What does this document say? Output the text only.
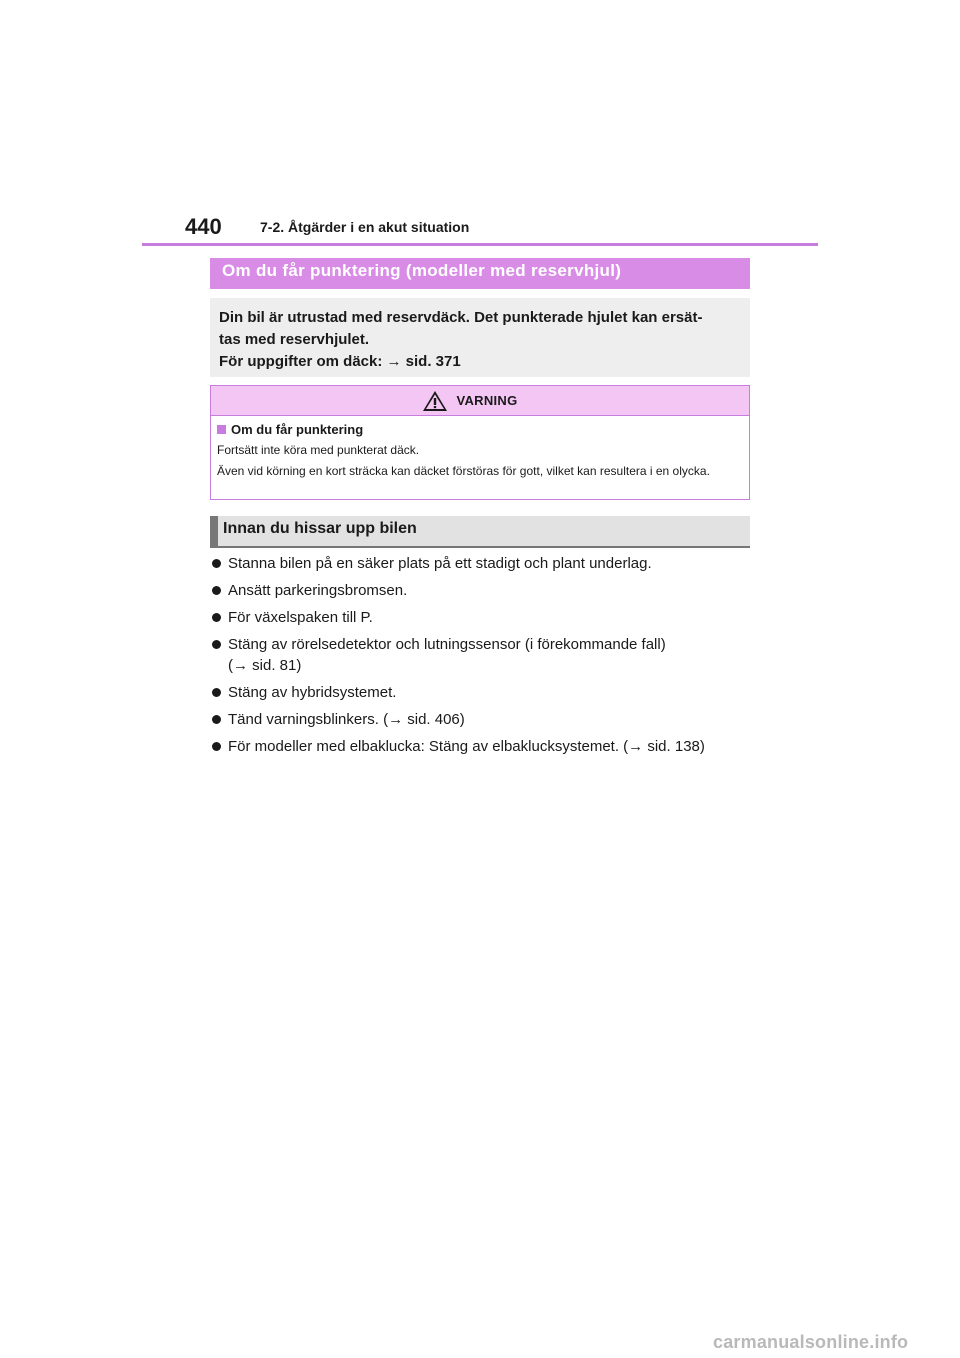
440	7-2. Åtgärder i en akut situation
Om du får punktering (modeller med reservhjul)
Din bil är utrustad med reservdäck. Det punkterade hjulet kan ersät-
tas med reservhjulet.
För uppgifter om däck: → sid. 371
VARNING
Om du får punktering
Fortsätt inte köra med punkterat däck.
Även vid körning en kort sträcka kan däcket förstöras för gott, vilket kan resultera i en olycka.
Innan du hissar upp bilen
Stanna bilen på en säker plats på ett stadigt och plant underlag.
Ansätt parkeringsbromsen.
För växelspaken till P.
Stäng av rörelsedetektor och lutningssensor (i förekommande fall)
(→ sid. 81)
Stäng av hybridsystemet.
Tänd varningsblinkers. (→ sid. 406)
För modeller med elbaklucka: Stäng av elbaklucksystemet. (→ sid. 138)
carmanualsonline.info
